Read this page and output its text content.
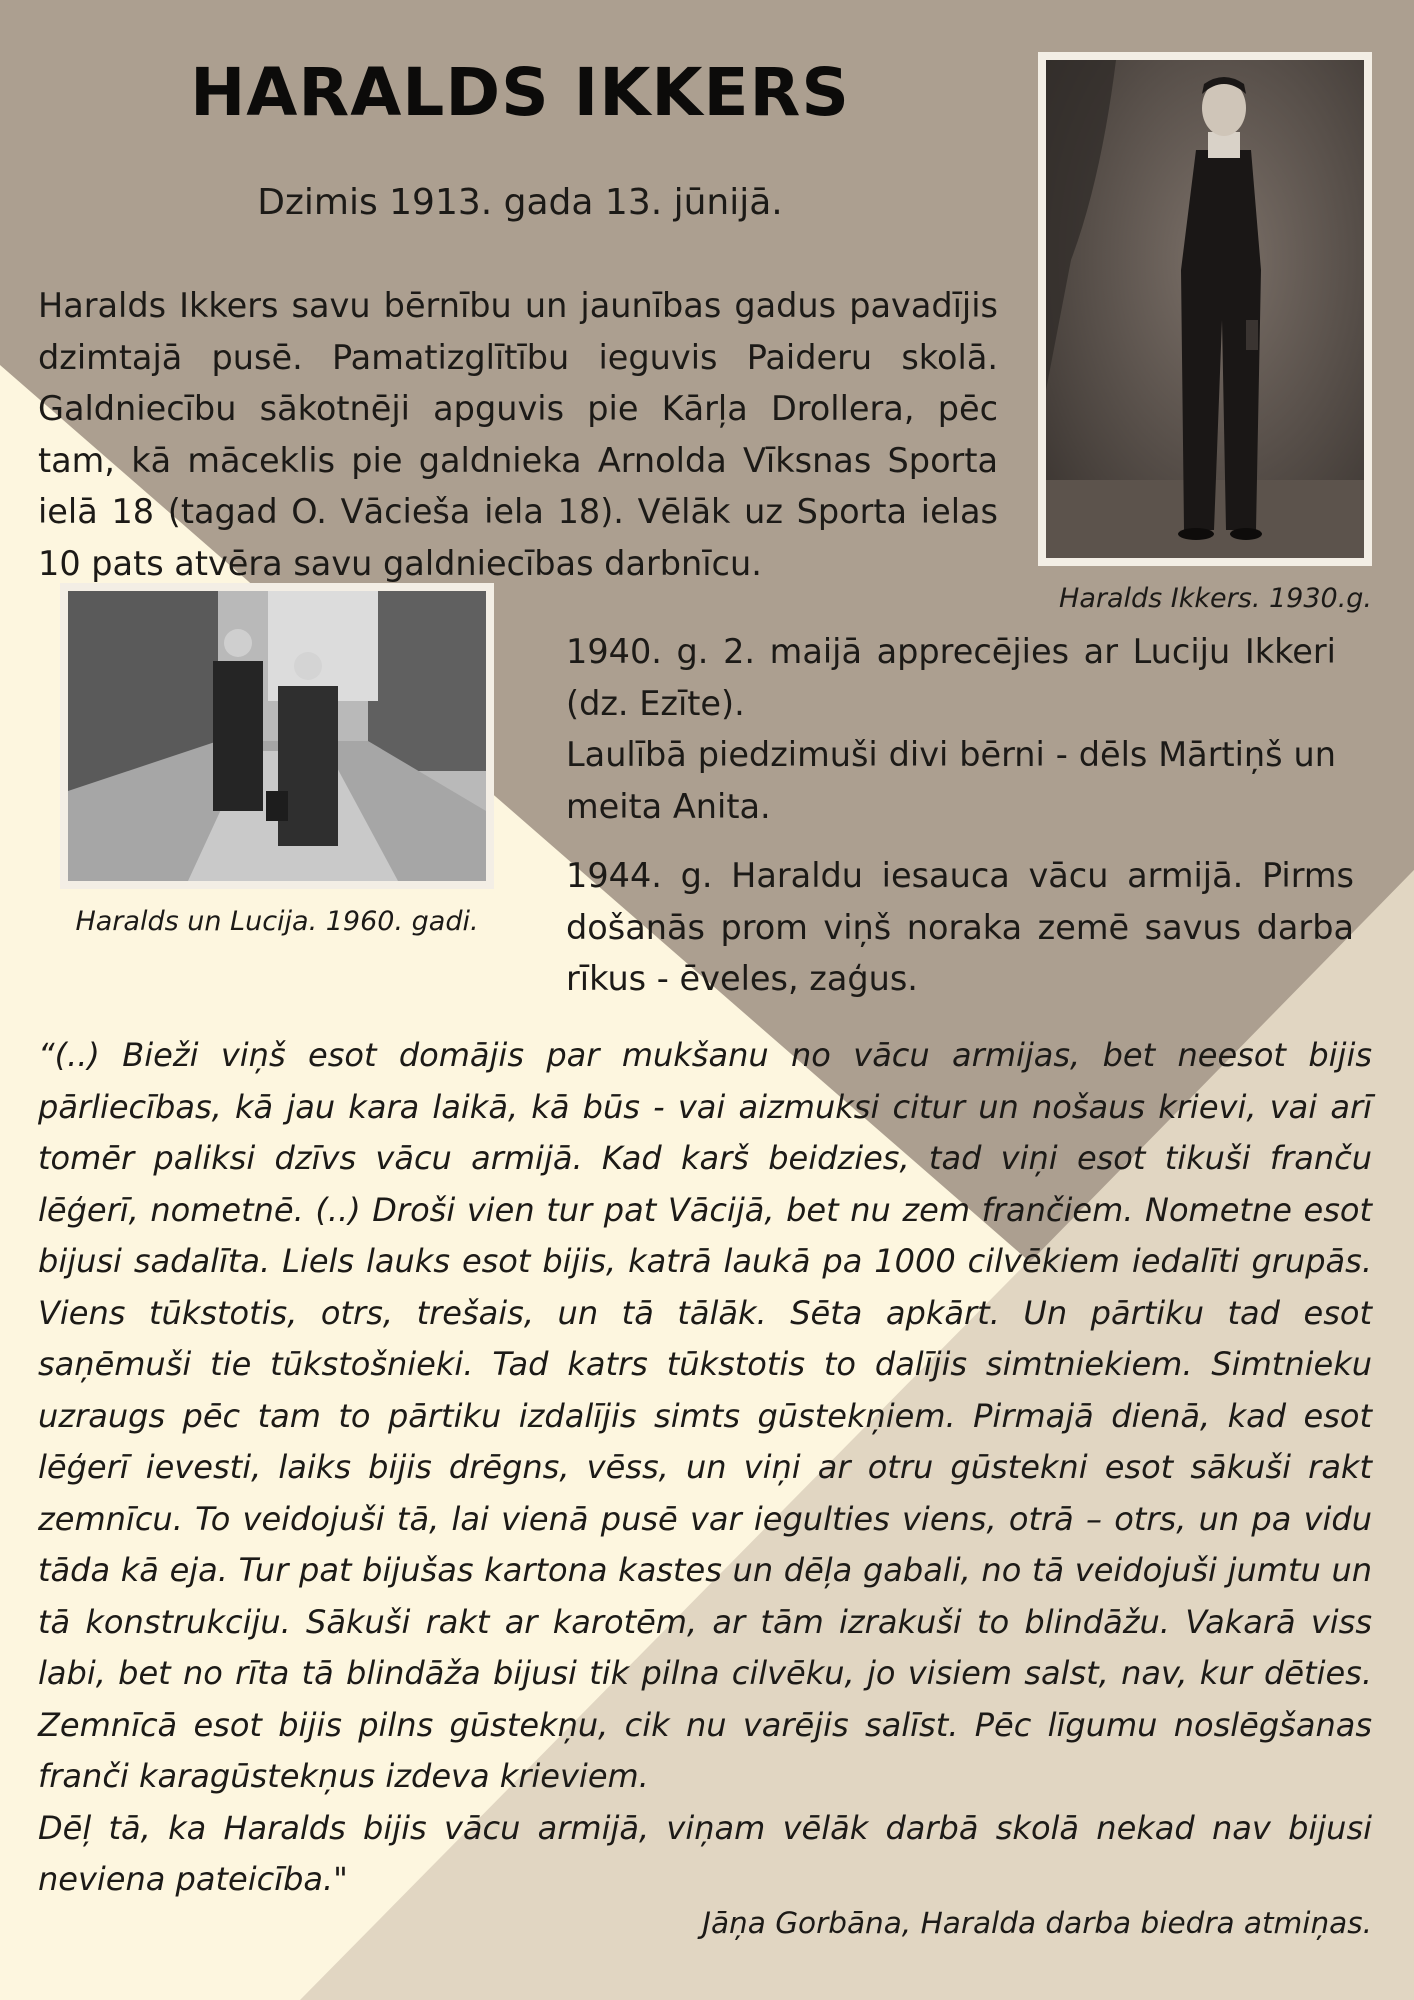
HARALDS IKKERS
Dzimis 1913. gada 13. jūnijā.
Haralds Ikkers savu bērnību un jaunības gadus pavadījis dzimtajā pusē. Pamatizglītību ieguvis Paideru skolā. Galdniecību sākotnēji apguvis pie Kārļa Drollera, pēc tam, kā māceklis pie galdnieka Arnolda Vīksnas Sporta ielā 18 (tagad O. Vācieša iela 18). Vēlāk uz Sporta ielas 10 pats atvēra savu galdniecības darbnīcu.
Haralds Ikkers. 1930.g.
Haralds un Lucija. 1960. gadi.
1940. g. 2. maijā apprecējies ar Luciju Ikkeri (dz. Ezīte).
Laulībā piedzimuši divi bērni - dēls Mārtiņš un meita Anita.
1944. g. Haraldu iesauca vācu armijā. Pirms došanās prom viņš noraka zemē savus darba rīkus - ēveles, zaģus.
“(..) Bieži viņš esot domājis par mukšanu no vācu armijas, bet neesot bijis pārliecības, kā jau kara laikā, kā būs - vai aizmuksi citur un nošaus krievi, vai arī tomēr paliksi dzīvs vācu armijā. Kad karš beidzies, tad viņi esot tikuši franču lēģerī, nometnē. (..) Droši vien tur pat Vācijā, bet nu zem frančiem. Nometne esot bijusi sadalīta. Liels lauks esot bijis, katrā laukā pa 1000 cilvēkiem iedalīti grupās. Viens tūkstotis, otrs, trešais, un tā tālāk. Sēta apkārt. Un pārtiku tad esot saņēmuši tie tūkstošnieki. Tad katrs tūkstotis to dalījis simtniekiem. Simtnieku uzraugs pēc tam to pārtiku izdalījis simts gūstekņiem. Pirmajā dienā, kad esot lēģerī ievesti, laiks bijis drēgns, vēss, un viņi ar otru gūstekni esot sākuši rakt zemnīcu. To veidojuši tā, lai vienā pusē var iegulties viens, otrā – otrs, un pa vidu tāda kā eja. Tur pat bijušas kartona kastes un dēļa gabali, no tā veidojuši jumtu un tā konstrukciju. Sākuši rakt ar karotēm, ar tām izrakuši to blindāžu. Vakarā viss labi, bet no rīta tā blindāža bijusi tik pilna cilvēku, jo visiem salst, nav, kur dēties. Zemnīcā esot bijis pilns gūstekņu, cik nu varējis salīst. Pēc līgumu noslēgšanas franči karagūstekņus izdeva krieviem.
Dēļ tā, ka Haralds bijis vācu armijā, viņam vēlāk darbā skolā nekad nav bijusi neviena pateicība."
Jāņa Gorbāna, Haralda darba biedra atmiņas.
